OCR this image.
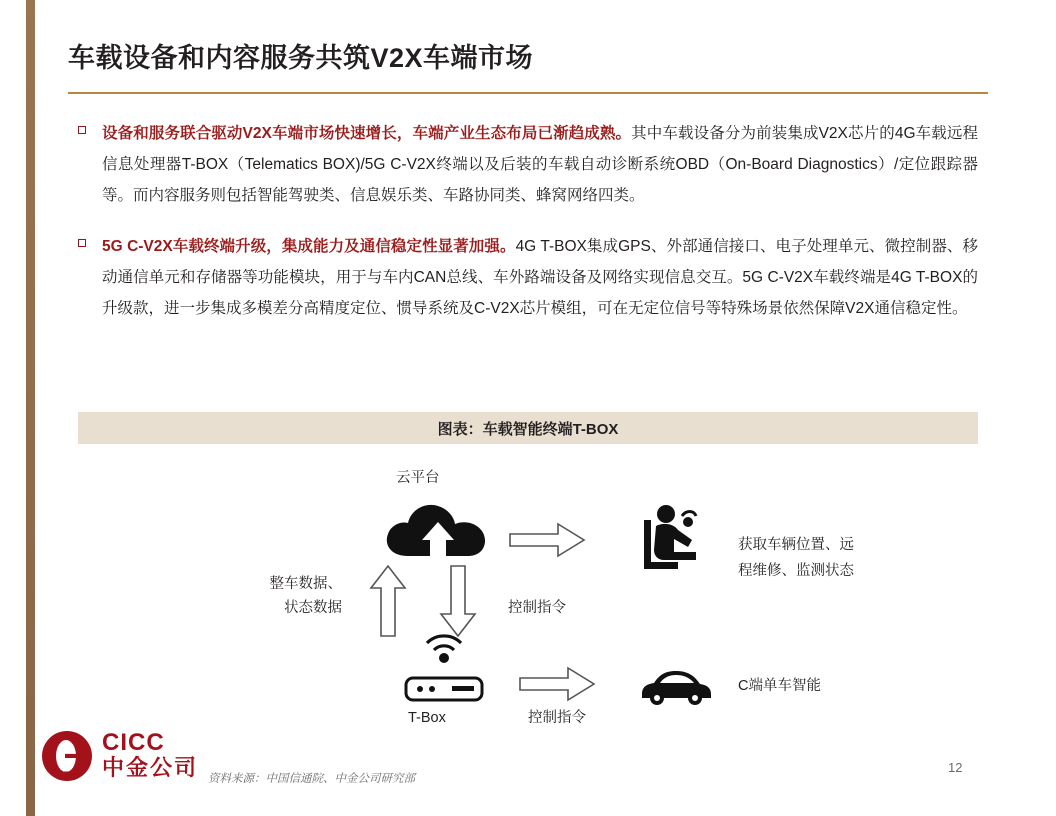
车载设备和内容服务共筑V2X车端市场

设备和服务联合驱动V2X车端市场快速增长，车端产业生态布局已渐趋成熟。其中车载设备分为前装集成V2X芯片的4G车载远程信息处理器T-BOX（Telematics BOX)/5G C-V2X终端以及后装的车载自动诊断系统OBD（On-Board Diagnostics）/定位跟踪器等。而内容服务则包括智能驾驶类、信息娱乐类、车路协同类、蜂窝网络四类。

5G C-V2X车载终端升级，集成能力及通信稳定性显著加强。4G T-BOX集成GPS、外部通信接口、电子处理单元、微控制器、移动通信单元和存储器等功能模块，用于与车内CAN总线、车外路端设备及网络实现信息交互。5G C-V2X车载终端是4G T-BOX的升级款，进一步集成多模差分高精度定位、惯导系统及C-V2X芯片模组，可在无定位信号等特殊场景依然保障V2X通信稳定性。

图表：车载智能终端T-BOX
云平台
获取车辆位置、远
程维修、监测状态
整车数据、
状态数据	控制指令
T-Box	控制指令
C端单车智能
CICC
中金公司 资料来源：中国信通院、中金公司研究部
12
